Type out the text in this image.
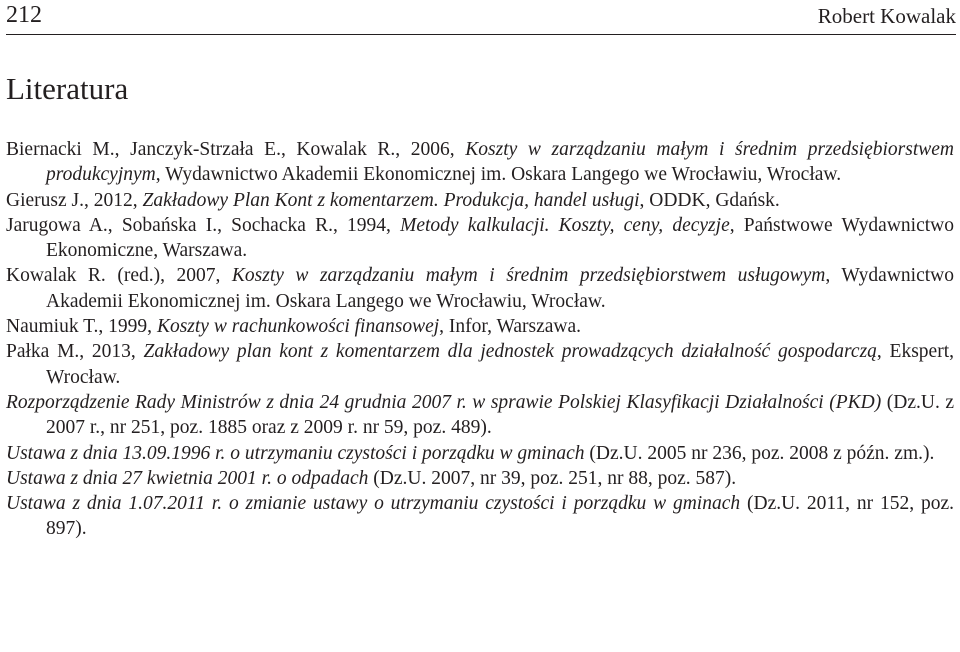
212	Robert Kowalak
Literatura
Biernacki M., Janczyk-Strzała E., Kowalak R., 2006, Koszty w zarządzaniu małym i średnim przedsiębiorstwem produkcyjnym, Wydawnictwo Akademii Ekonomicznej im. Oskara Langego we Wrocławiu, Wrocław.
Gierusz J., 2012, Zakładowy Plan Kont z komentarzem. Produkcja, handel usługi, ODDK, Gdańsk.
Jarugowa A., Sobańska I., Sochacka R., 1994, Metody kalkulacji. Koszty, ceny, decyzje, Państwowe Wydawnictwo Ekonomiczne, Warszawa.
Kowalak R. (red.), 2007, Koszty w zarządzaniu małym i średnim przedsiębiorstwem usługowym, Wydawnictwo Akademii Ekonomicznej im. Oskara Langego we Wrocławiu, Wrocław.
Naumiuk T., 1999, Koszty w rachunkowości finansowej, Infor, Warszawa.
Pałka M., 2013, Zakładowy plan kont z komentarzem dla jednostek prowadzących działalność gospodarczą, Ekspert, Wrocław.
Rozporządzenie Rady Ministrów z dnia 24 grudnia 2007 r. w sprawie Polskiej Klasyfikacji Działalności (PKD) (Dz.U. z 2007 r., nr 251, poz. 1885 oraz z 2009 r. nr 59, poz. 489).
Ustawa z dnia 13.09.1996 r. o utrzymaniu czystości i porządku w gminach (Dz.U. 2005 nr 236, poz. 2008 z późn. zm.).
Ustawa z dnia 27 kwietnia 2001 r. o odpadach (Dz.U. 2007, nr 39, poz. 251, nr 88, poz. 587).
Ustawa z dnia 1.07.2011 r. o zmianie ustawy o utrzymaniu czystości i porządku w gminach (Dz.U. 2011, nr 152, poz. 897).
